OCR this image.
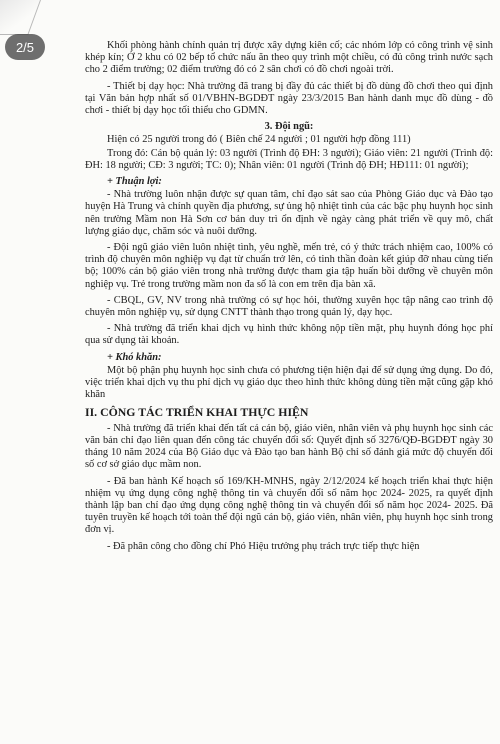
2/5	Khối phòng hành chính quản trị được xây dựng kiên cố; các nhóm lớp có công trình vệ sinh khép kín; Ở 2 khu có 02 bếp tổ chức nấu ăn theo quy trình một chiều, có đủ công trình nước sạch cho 2 điểm trường; 02 điểm trường đó có 2 sân chơi có đồ chơi ngoài trời.

- Thiết bị dạy học: Nhà trường đã trang bị đầy đủ các thiết bị đồ dùng đồ chơi theo qui định tại Văn bản hợp nhất số 01/VBHN-BGDĐT ngày 23/3/2015 Ban hành danh mục đồ dùng - đồ chơi - thiết bị dạy học tối thiểu cho GDMN.

3. Đội ngũ:

Hiện có 25 người trong đó ( Biên chế 24 người ; 01 người hợp đồng 111)

Trong đó: Cán bộ quản lý: 03 người (Trình độ ĐH: 3 người); Giáo viên: 21 người (Trình độ: ĐH: 18 người; CĐ: 3 người; TC: 0); Nhân viên: 01 người (Trình độ ĐH; HĐ111: 01 người);

+ Thuận lợi:

- Nhà trường luôn nhận được sự quan tâm, chỉ đạo sát sao của Phòng Giáo dục và Đào tạo huyện Hà Trung và chính quyền địa phương, sự ủng hộ nhiệt tình của các bậc phụ huynh học sinh nên trường Mầm non Hà Sơn cơ bản duy trì ổn định về ngày càng phát triển về quy mô, chất lượng giáo dục, chăm sóc và nuôi dưỡng.

- Đội ngũ giáo viên luôn nhiệt tình, yêu nghề, mến trẻ, có ý thức trách nhiệm cao, 100% có trình độ chuyên môn nghiệp vụ đạt từ chuẩn trở lên, có tinh thần đoàn kết giúp đỡ nhau cùng tiến bộ; 100% cán bộ giáo viên trong nhà trường được tham gia tập huấn bồi dưỡng về chuyên môn nghiệp vụ. Trẻ trong trường mầm non đa số là con em trên địa bàn xã.

- CBQL, GV, NV trong nhà trường có sự học hỏi, thường xuyên học tập nâng cao trình độ chuyên môn nghiệp vụ, sử dụng CNTT thành thạo trong quản lý, dạy học.

- Nhà trường đã triển khai dịch vụ hình thức không nộp tiền mặt, phụ huynh đóng học phí qua sử dụng tài khoản.

+ Khó khăn:

Một bộ phận phụ huynh học sinh chưa có phương tiện hiện đại để sử dụng ứng dụng. Do đó, việc triển khai dịch vụ thu phí dịch vụ giáo dục theo hình thức không dùng tiền mặt cũng gặp khó khăn

II. CÔNG TÁC TRIỂN KHAI THỰC HIỆN

- Nhà trường đã triển khai đến tất cả cán bộ, giáo viên, nhân viên và phụ huynh học sinh các văn bản chỉ đạo liên quan đến công tác chuyển đổi số: Quyết định số 3276/QĐ-BGDĐT ngày 30 tháng 10 năm 2024 của Bộ Giáo dục và Đào tạo ban hành Bộ chỉ số đánh giá mức độ chuyển đổi số cơ sở giáo dục mầm non.

- Đã ban hành Kế hoạch số 169/KH-MNHS, ngày 2/12/2024 kế hoạch triển khai thực hiện nhiệm vụ ứng dụng công nghệ thông tin và chuyển đổi số năm học 2024- 2025, ra quyết định thành lập ban chỉ đạo ứng dụng công nghệ thông tin và chuyển đổi số năm học 2024- 2025. Đã tuyên truyền kế hoạch tới toàn thể đội ngũ cán bộ, giáo viên, nhân viên, phụ huynh học sinh trong đơn vị.

- Đã phân công cho đồng chí Phó Hiệu trưởng phụ trách trực tiếp thực hiện
